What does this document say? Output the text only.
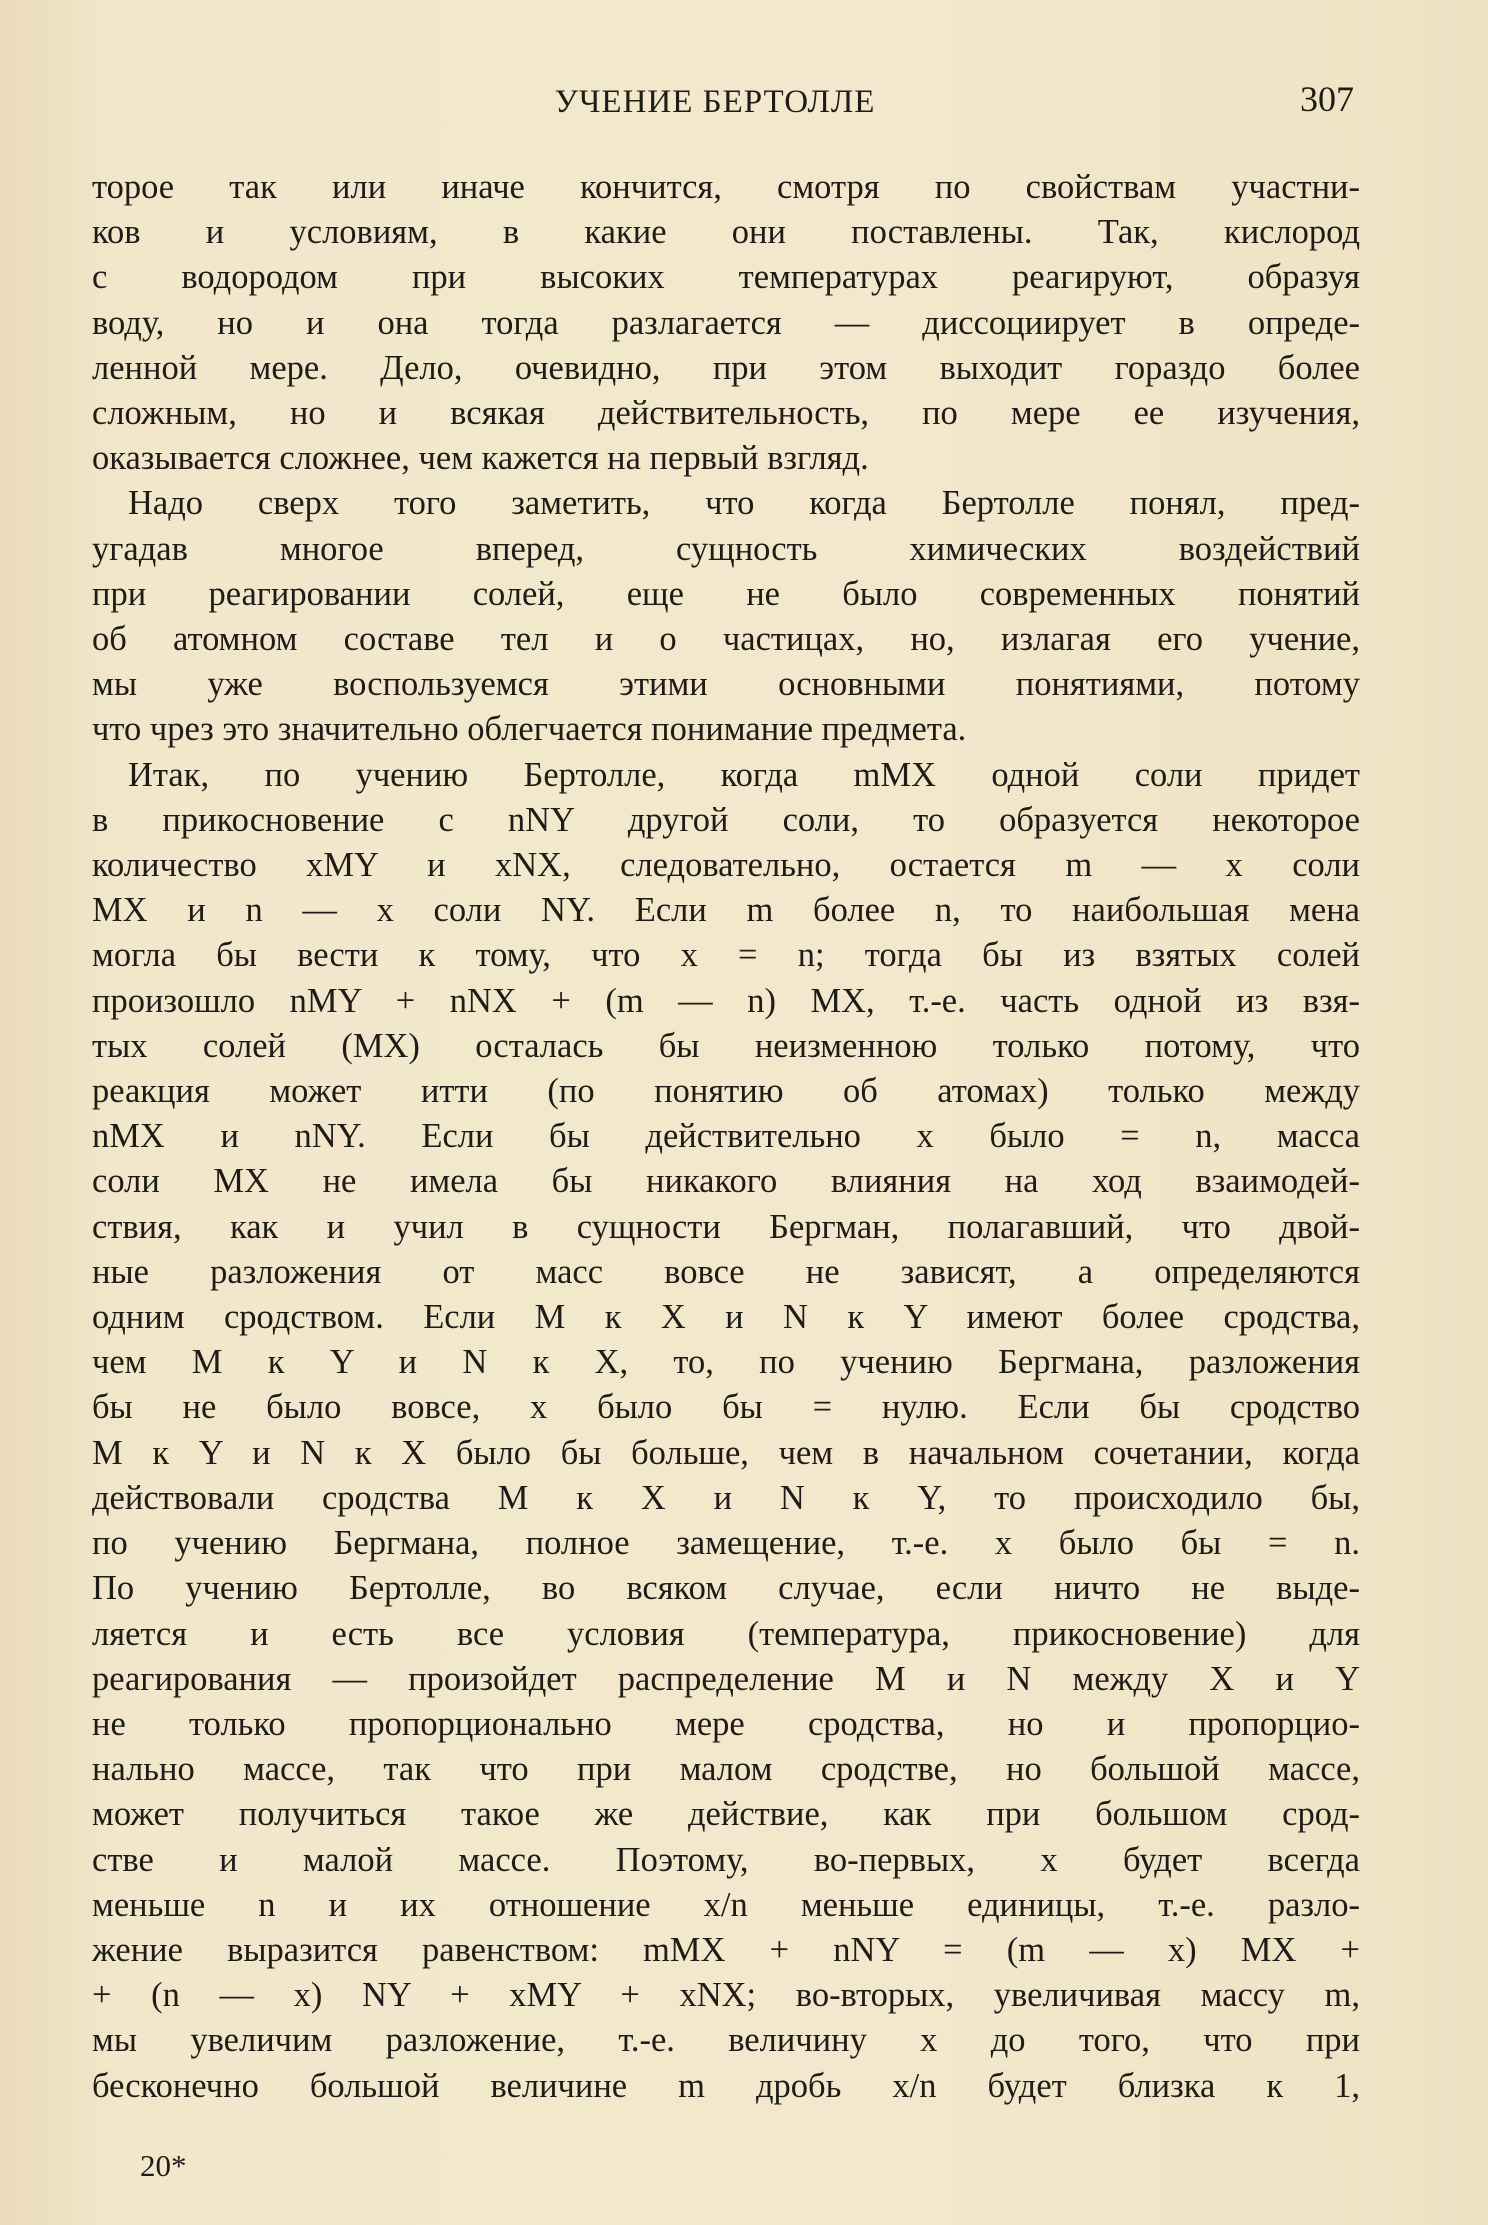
УЧЕНИЕ БЕРТОЛЛЕ	307
торое так или иначе кончится, смотря по свойствам участни-
ков и условиям, в какие они поставлены. Так, кислород
с водородом при высоких температурах реагируют, образуя
воду, но и она тогда разлагается — диссоциирует в опреде-
ленной мере. Дело, очевидно, при этом выходит гораздо более
сложным, но и всякая действительность, по мере ее изучения,
оказывается сложнее, чем кажется на первый взгляд.
Надо сверх того заметить, что когда Бертолле понял, пред-
угадав многое вперед, сущность химических воздействий
при реагировании солей, еще не было современных понятий
об атомном составе тел и о частицах, но, излагая его учение,
мы уже воспользуемся этими основными понятиями, потому
что чрез это значительно облегчается понимание предмета.
Итак, по учению Бертолле, когда mMX одной соли придет
в прикосновение с nNY другой соли, то образуется некоторое
количество xMY и xNX, следовательно, остается m — x соли
MX и n — x соли NY. Если m более n, то наибольшая мена
могла бы вести к тому, что x = n; тогда бы из взятых солей
произошло nMY + nNX + (m — n) MX, т.-е. часть одной из взя-
тых солей (MX) осталась бы неизменною только потому, что
реакция может итти (по понятию об атомах) только между
nMX и nNY. Если бы действительно x было = n, масса
соли MX не имела бы никакого влияния на ход взаимодей-
ствия, как и учил в сущности Бергман, полагавший, что двой-
ные разложения от масс вовсе не зависят, а определяются
одним сродством. Если M к X и N к Y имеют более сродства,
чем M к Y и N к X, то, по учению Бергмана, разложения
бы не было вовсе, x было бы = нулю. Если бы сродство
M к Y и N к X было бы больше, чем в начальном сочетании, когда
действовали сродства M к X и N к Y, то происходило бы,
по учению Бергмана, полное замещение, т.-е. x было бы = n.
По учению Бертолле, во всяком случае, если ничто не выде-
ляется и есть все условия (температура, прикосновение) для
реагирования — произойдет распределение M и N между X и Y
не только пропорционально мере сродства, но и пропорцио-
нально массе, так что при малом сродстве, но большой массе,
может получиться такое же действие, как при большом срод-
стве и малой массе. Поэтому, во-первых, x будет всегда
меньше n и их отношение x/n меньше единицы, т.-е. разло-
жение выразится равенством: mMX + nNY = (m — x) MX +
+ (n — x) NY + xMY + xNX; во-вторых, увеличивая массу m,
мы увеличим разложение, т.-е. величину x до того, что при
бесконечно большой величине m дробь x/n будет близка к 1,
20*
